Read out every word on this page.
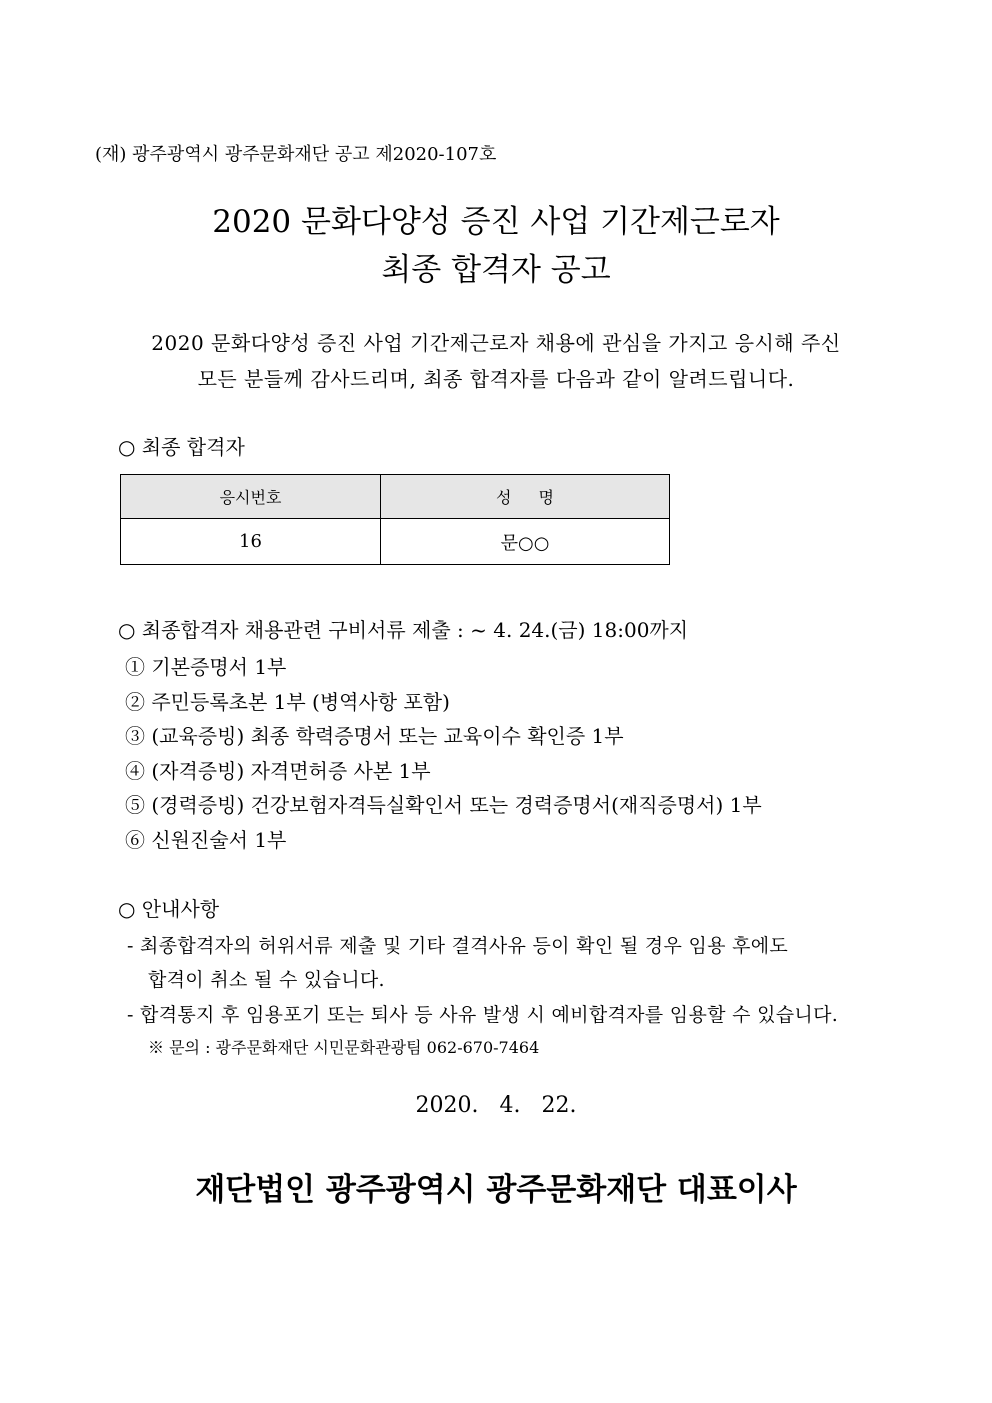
(재) 광주광역시 광주문화재단 공고 제2020-107호
2020 문화다양성 증진 사업 기간제근로자
최종 합격자 공고
2020 문화다양성 증진 사업 기간제근로자 채용에 관심을 가지고 응시해 주신
모든 분들께 감사드리며, 최종 합격자를 다음과 같이 알려드립니다.
○ 최종 합격자
응시번호	성 명
16	문○○
○ 최종합격자 채용관련 구비서류 제출 : ~ 4. 24.(금) 18:00까지
① 기본증명서 1부
② 주민등록초본 1부 (병역사항 포함)
③ (교육증빙) 최종 학력증명서 또는 교육이수 확인증 1부
④ (자격증빙) 자격면허증 사본 1부
⑤ (경력증빙) 건강보험자격득실확인서 또는 경력증명서(재직증명서) 1부
⑥ 신원진술서 1부
○ 안내사항
- 최종합격자의 허위서류 제출 및 기타 결격사유 등이 확인 될 경우 임용 후에도
합격이 취소 될 수 있습니다.
- 합격통지 후 임용포기 또는 퇴사 등 사유 발생 시 예비합격자를 임용할 수 있습니다.
※ 문의 : 광주문화재단 시민문화관광팀 062-670-7464
2020. 4. 22.
재단법인 광주광역시 광주문화재단 대표이사
